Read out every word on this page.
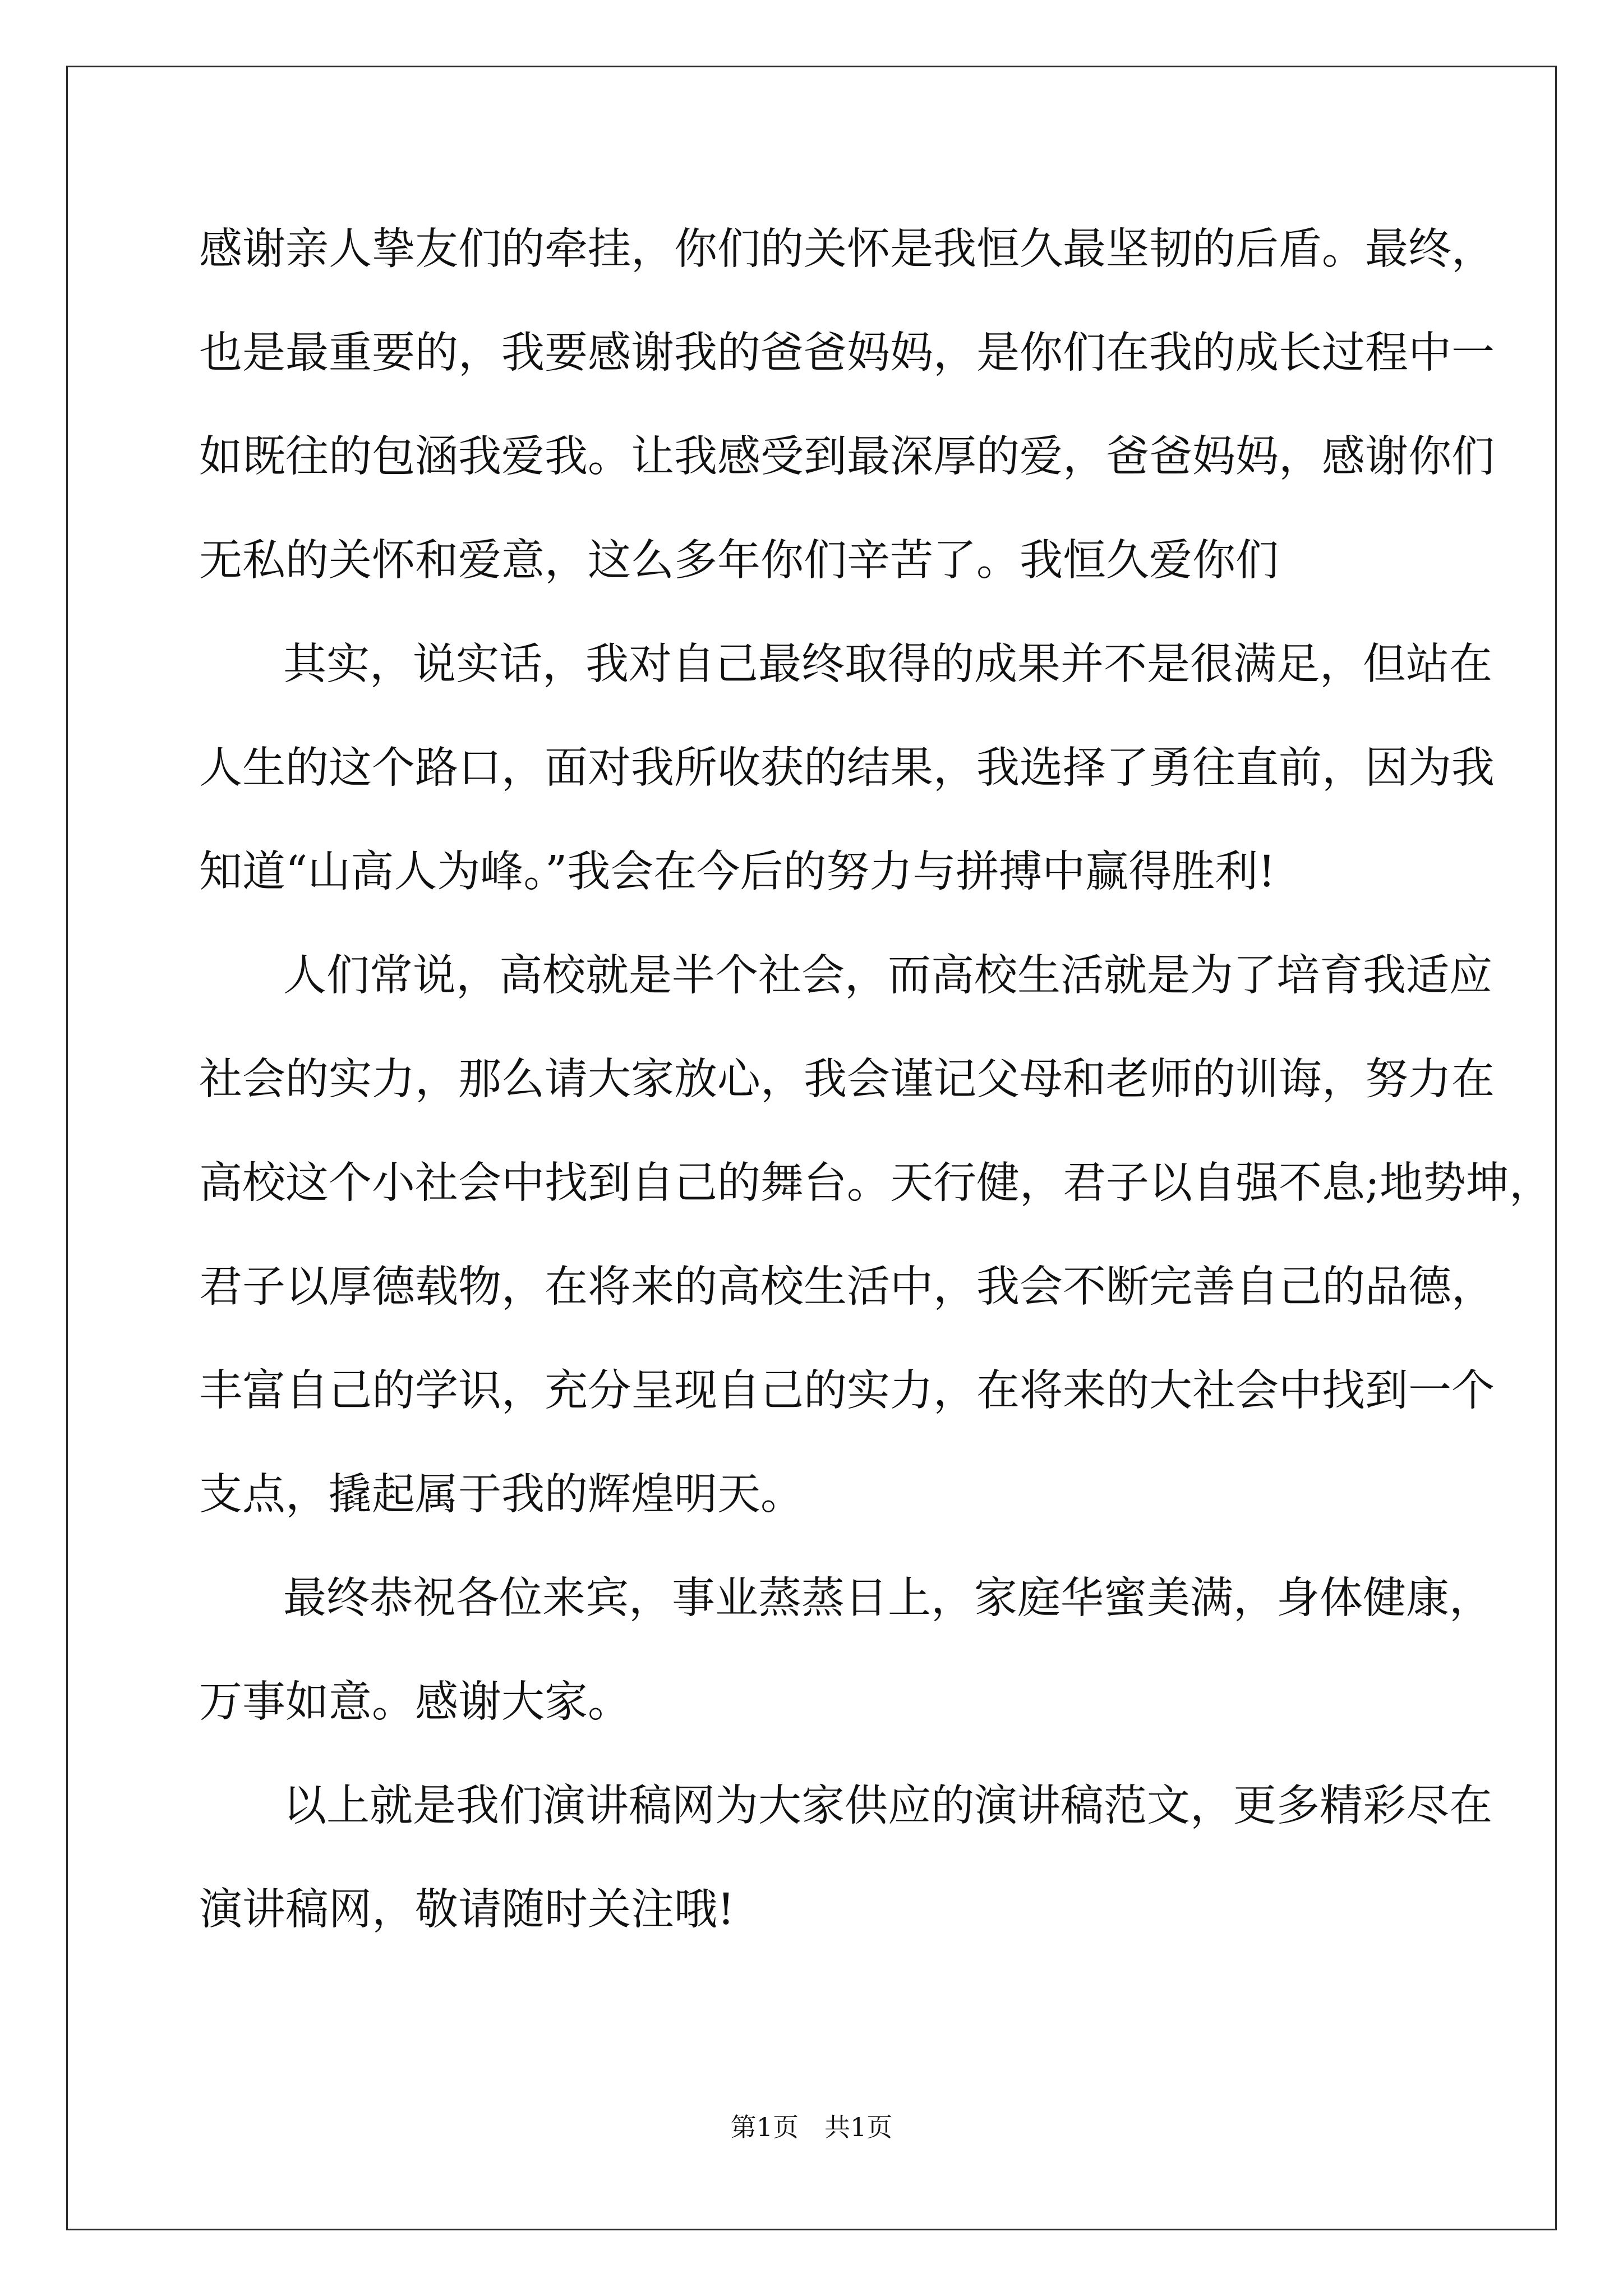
感谢亲人挚友们的牵挂，你们的关怀是我恒久最坚韧的后盾。最终，
也是最重要的，我要感谢我的爸爸妈妈，是你们在我的成长过程中一
如既往的包涵我爱我。让我感受到最深厚的爱，爸爸妈妈，感谢你们
无私的关怀和爱意，这么多年你们辛苦了。我恒久爱你们
其实，说实话，我对自己最终取得的成果并不是很满足，但站在
人生的这个路口，面对我所收获的结果，我选择了勇往直前，因为我
知道“山高人为峰。”我会在今后的努力与拼搏中赢得胜利!
人们常说，高校就是半个社会，而高校生活就是为了培育我适应
社会的实力，那么请大家放心，我会谨记父母和老师的训诲，努力在
高校这个小社会中找到自己的舞台。天行健，君子以自强不息;地势坤，
君子以厚德载物，在将来的高校生活中，我会不断完善自己的品德，
丰富自己的学识，充分呈现自己的实力，在将来的大社会中找到一个
支点，撬起属于我的辉煌明天。
最终恭祝各位来宾，事业蒸蒸日上，家庭华蜜美满，身体健康，
万事如意。感谢大家。
以上就是我们演讲稿网为大家供应的演讲稿范文，更多精彩尽在
演讲稿网，敬请随时关注哦!
第1页　共1页
